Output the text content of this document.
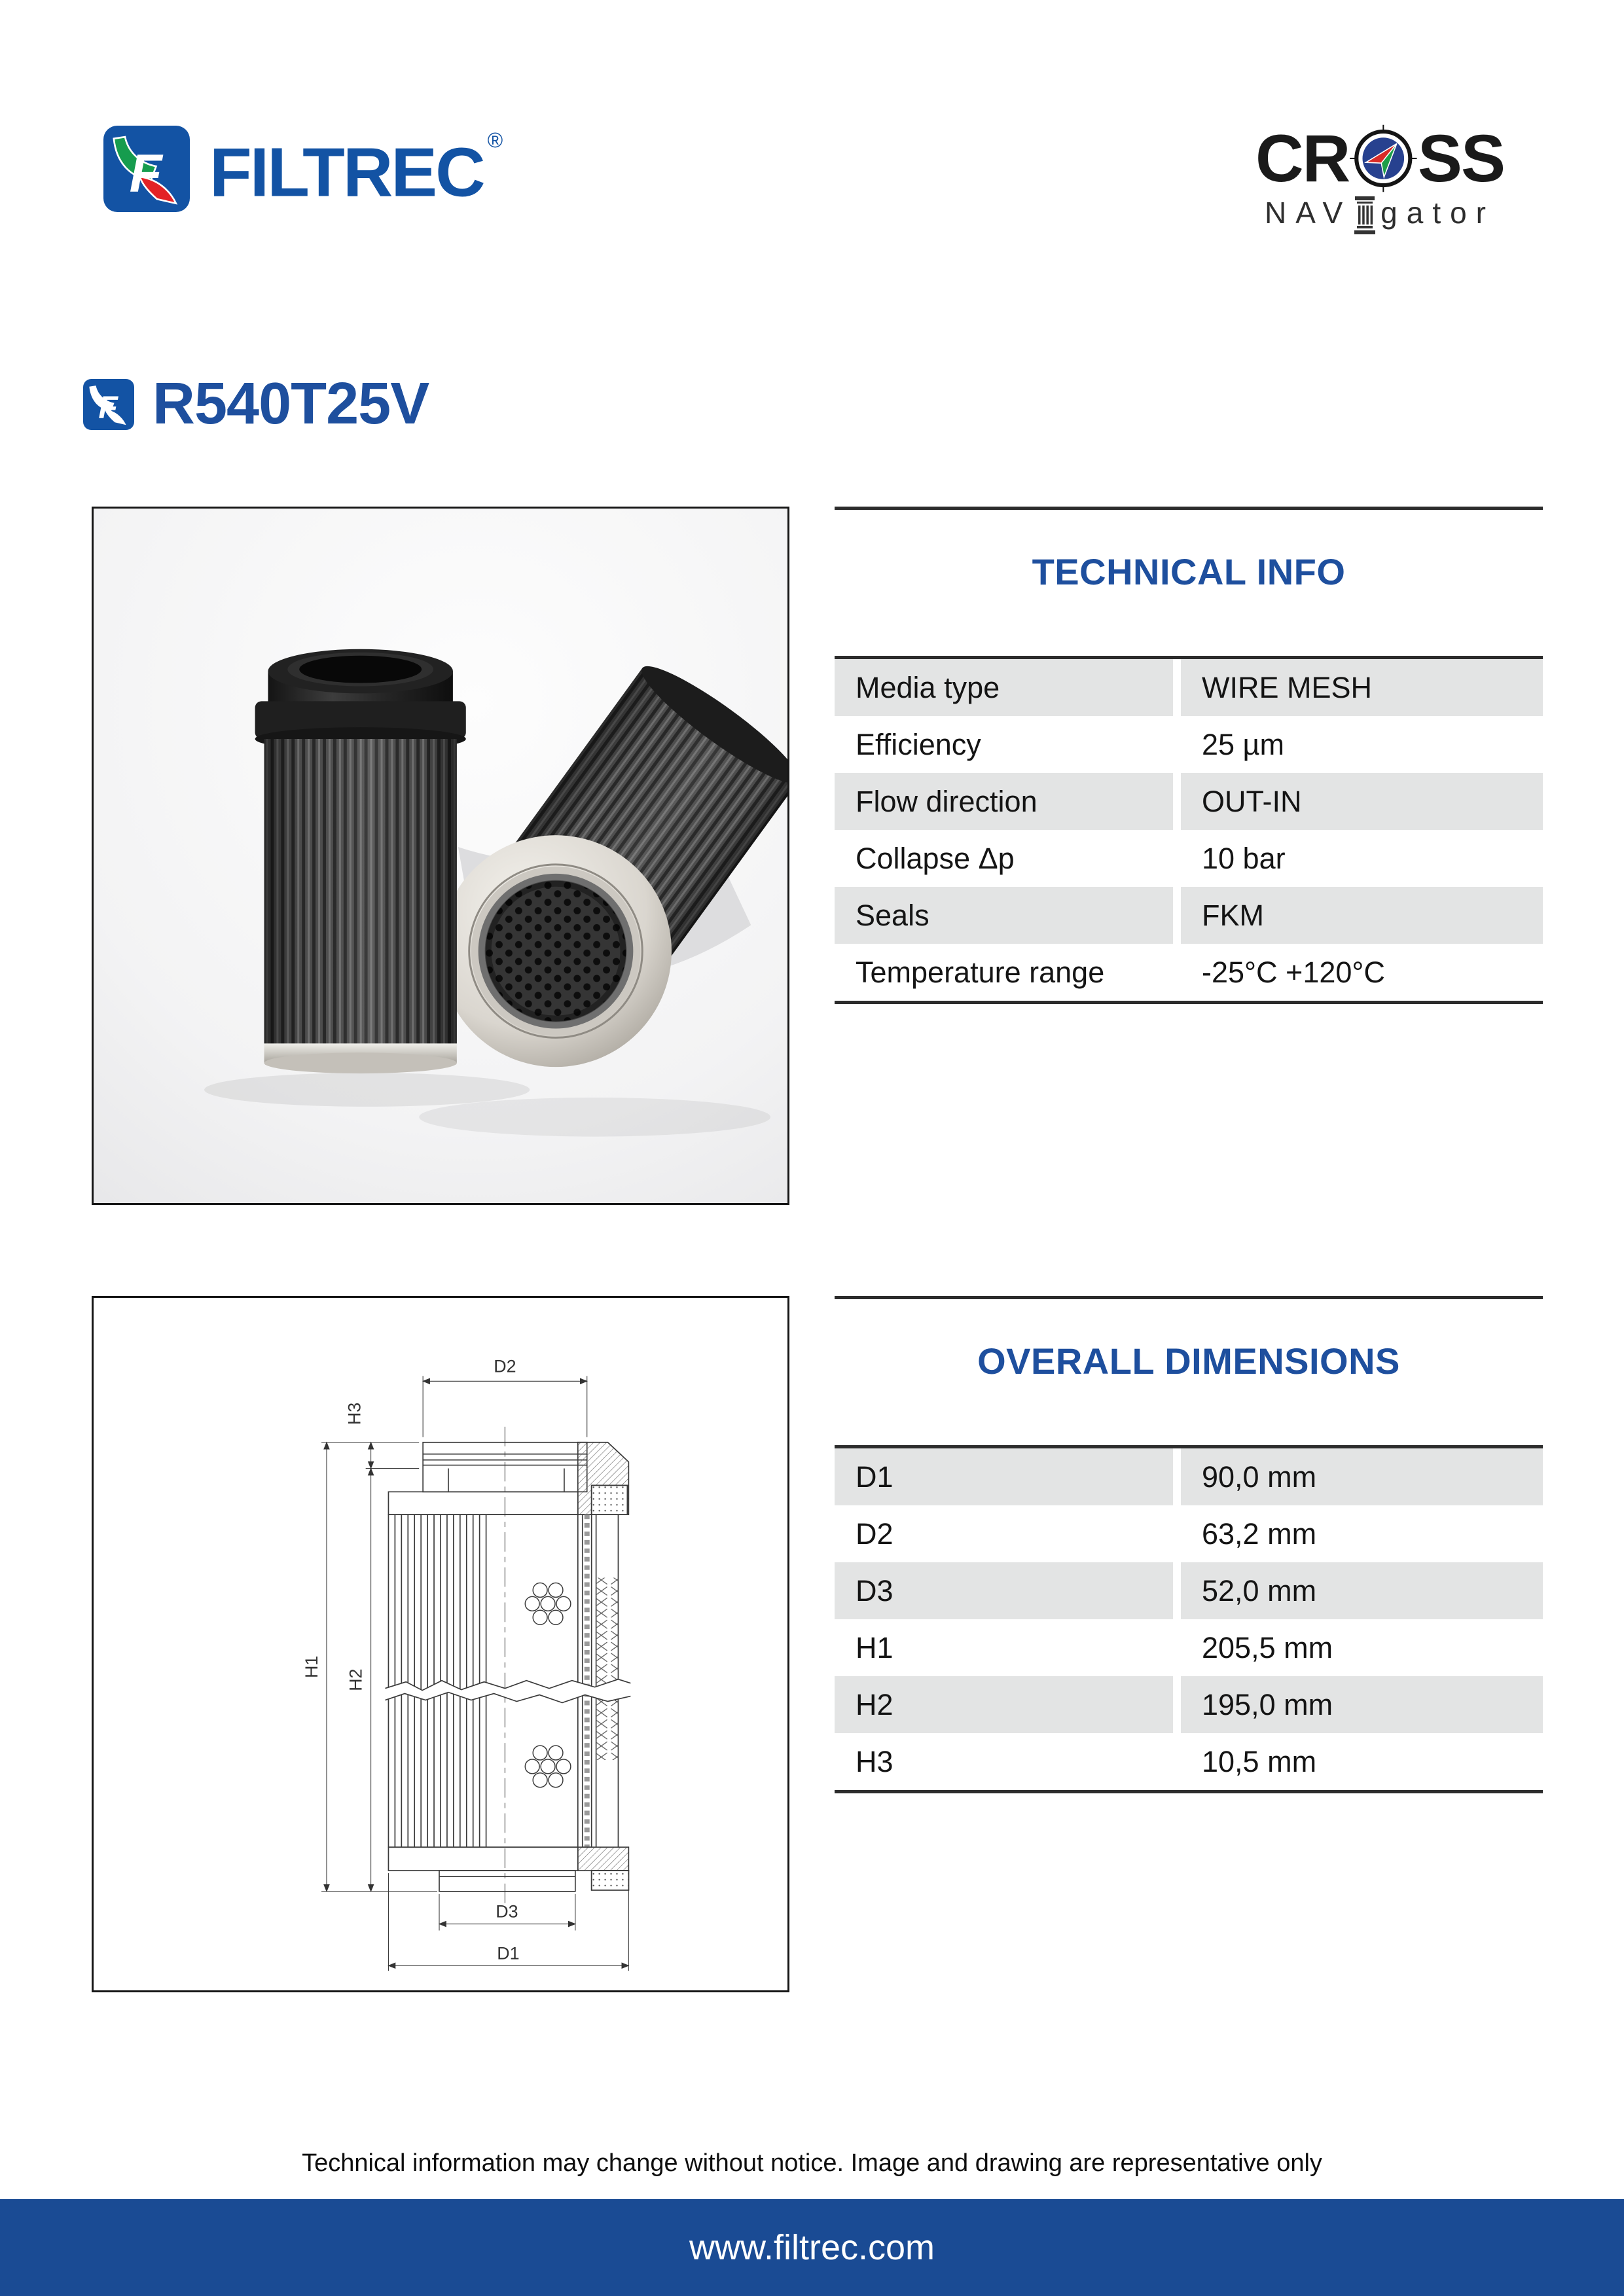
F FILTREC ®	CR SS
NAV gator
F R540T25V
TECHNICAL INFO
Media type	WIRE MESH
Efficiency	25 µm
Flow direction	OUT-IN
Collapse Δp	10 bar
Seals	FKM
Temperature range	-25°C +120°C
D2
H3
H1
H2
D3
D1
OVERALL DIMENSIONS
D1	90,0 mm
D2	63,2 mm
D3	52,0 mm
H1	205,5 mm
H2	195,0 mm
H3	10,5 mm
Technical information may change without notice. Image and drawing are representative only
www.filtrec.com
